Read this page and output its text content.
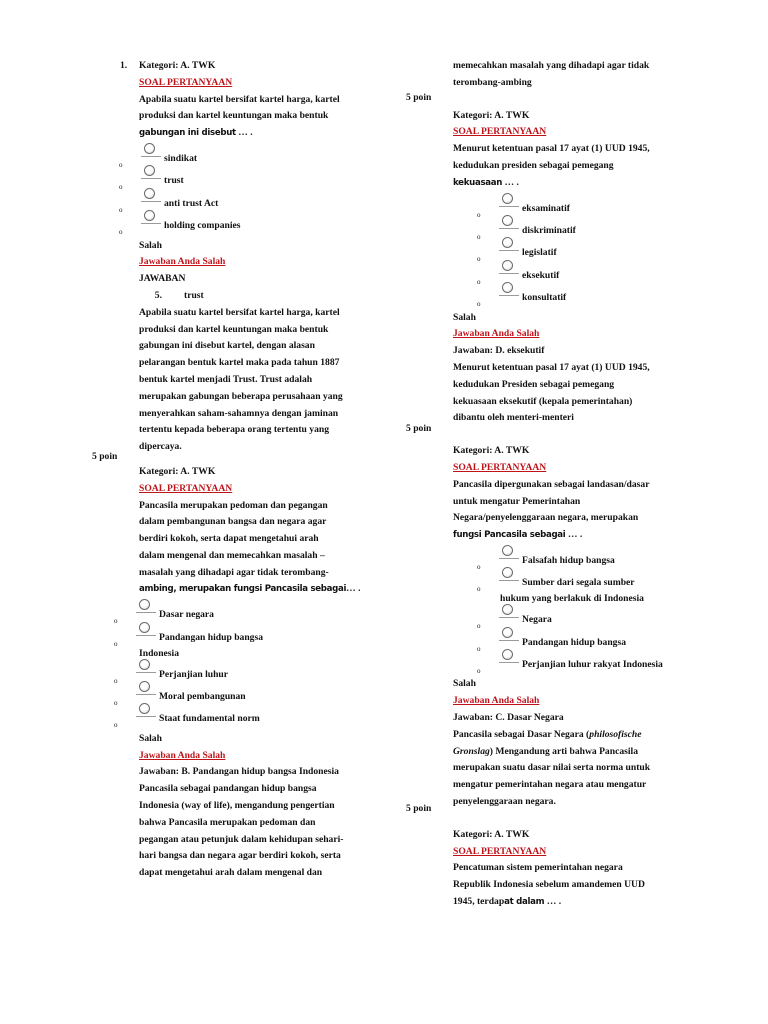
1. Kategori: A. TWK
SOAL PERTANYAAN
Apabila suatu kartel bersifat kartel harga, kartel
produksi dan kartel keuntungan maka bentuk
gabungan ini disebut … .
o
sindikat
o
trust
o
anti trust Act
o
holding companies
Salah
Jawaban Anda Salah
JAWABAN
5. trust
Apabila suatu kartel bersifat kartel harga, kartel
produksi dan kartel keuntungan maka bentuk
gabungan ini disebut kartel, dengan alasan
pelarangan bentuk kartel maka pada tahun 1887
bentuk kartel menjadi Trust. Trust adalah
merupakan gabungan beberapa perusahaan yang
menyerahkan saham-sahamnya dengan jaminan
tertentu kepada beberapa orang tertentu yang
dipercaya.
Kategori: A. TWK
SOAL PERTANYAAN
Pancasila merupakan pedoman dan pegangan
dalam pembangunan bangsa dan negara agar
berdiri kokoh, serta dapat mengetahui arah
dalam mengenal dan memecahkan masalah –
masalah yang dihadapi agar tidak terombang-
ambing, merupakan fungsi Pancasila sebagai… .
o
Dasar negara
o
Pandangan hidup bangsa
Indonesia
o
Perjanjian luhur
o
Moral pembangunan
o
Staat fundamental norm
Salah
Jawaban Anda Salah
Jawaban: B. Pandangan hidup bangsa Indonesia
Pancasila sebagai pandangan hidup bangsa
Indonesia (way of life), mengandung pengertian
bahwa Pancasila merupakan pedoman dan
pegangan atau petunjuk dalam kehidupan sehari-
hari bangsa dan negara agar berdiri kokoh, serta
dapat mengetahui arah dalam mengenal dan
5 poin
memecahkan masalah yang dihadapi agar tidak
terombang-ambing
Kategori: A. TWK
SOAL PERTANYAAN
Menurut ketentuan pasal 17 ayat (1) UUD 1945,
kedudukan presiden sebagai pemegang
kekuasaan … .
o
eksaminatif
o
diskriminatif
o
legislatif
o
eksekutif
o
konsultatif
Salah
Jawaban Anda Salah
Jawaban: D. eksekutif
Menurut ketentuan pasal 17 ayat (1) UUD 1945,
kedudukan Presiden sebagai pemegang
kekuasaan eksekutif (kepala pemerintahan)
dibantu oleh menteri-menteri
Kategori: A. TWK
SOAL PERTANYAAN
Pancasila dipergunakan sebagai landasan/dasar
untuk mengatur Pemerintahan
Negara/penyelenggaraan negara, merupakan
fungsi Pancasila sebagai … .
o
Falsafah hidup bangsa
o
Sumber dari segala sumber
hukum yang berlakuk di Indonesia
o
Negara
o
Pandangan hidup bangsa
o
Perjanjian luhur rakyat Indonesia
Salah
Jawaban Anda Salah
Jawaban: C. Dasar Negara
Pancasila sebagai Dasar Negara (philosofische
Gronslag) Mengandung arti bahwa Pancasila
merupakan suatu dasar nilai serta norma untuk
mengatur pemerintahan negara atau mengatur
penyelenggaraan negara.
Kategori: A. TWK
SOAL PERTANYAAN
Pencatuman sistem pemerintahan negara
Republik Indonesia sebelum amandemen UUD
1945, terdapat dalam … .
5 poin
5 poin
5 poin
